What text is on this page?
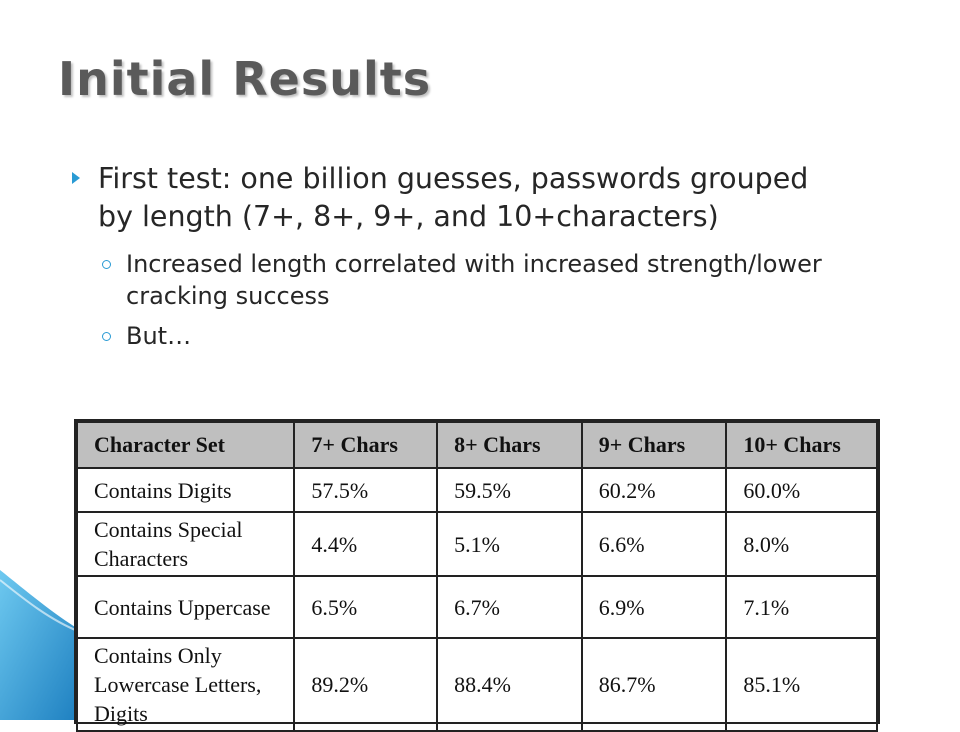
Initial Results
First test: one billion guesses, passwords grouped by length (7+, 8+, 9+, and 10+characters)
Increased length correlated with increased strength/lower cracking success
But…
Character Set	7+ Chars	8+ Chars	9+ Chars	10+ Chars
Contains Digits	57.5%	59.5%	60.2%	60.0%
Contains Special Characters	4.4%	5.1%	6.6%	8.0%
Contains Uppercase	6.5%	6.7%	6.9%	7.1%
Contains Only Lowercase Letters, Digits	89.2%	88.4%	86.7%	85.1%
